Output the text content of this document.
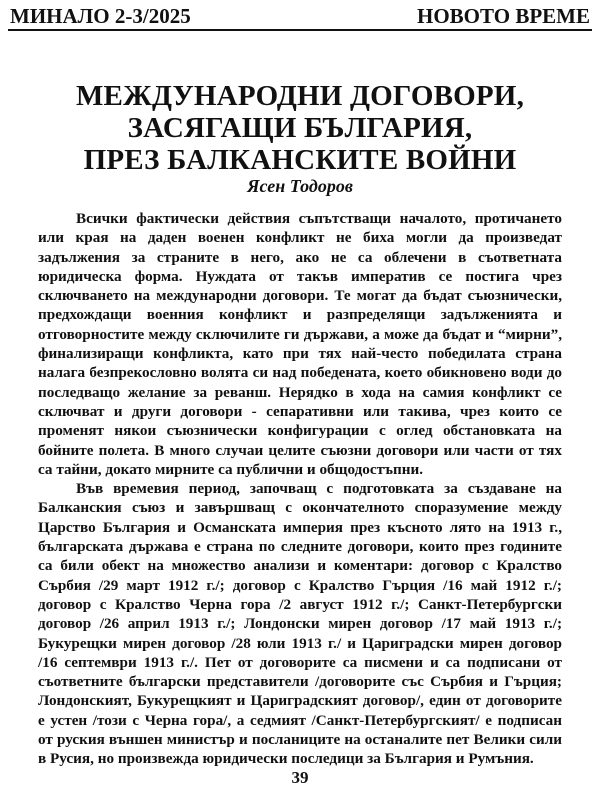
МИНАЛО 2-3/2025	НОВОТО ВРЕМЕ
МЕЖДУНАРОДНИ ДОГОВОРИ,
ЗАСЯГАЩИ БЪЛГАРИЯ,
ПРЕЗ БАЛКАНСКИТЕ ВОЙНИ
Ясен Тодоров

Всички фактически действия съпътстващи началото, протичането или края на даден военен конфликт не биха могли да произведат задължения за страните в него, ако не са облечени в съответната юридическа форма. Нуждата от такъв императив се постига чрез сключването на международни договори. Те могат да бъдат съюзнически, предхождащи военния конфликт и разпределящи задълженията и отговорностите между сключилите ги държави, а може да бъдат и “мирни”, финализиращи конфликта, като при тях най-често победилата страна налага безпрекословно волята си над победената, което обикновено води до последващо желание за реванш. Нерядко в хода на самия конфликт се сключват и други договори - сепаративни или такива, чрез които се променят някои съюзнически конфигурации с оглед обстановката на бойните полета. В много случаи целите съюзни договори или части от тях са тайни, докато мирните са публични и общодостъпни.

Във времевия период, започващ с подготовката за създаване на Балканския съюз и завършващ с окончателното споразумение между Царство България и Османската империя през късното лято на 1913 г., българската държава е страна по следните договори, които през годините са били обект на множество анализи и коментари: договор с Кралство Сърбия /29 март 1912 г./; договор с Кралство Гърция /16 май 1912 г./; договор с Кралство Черна гора /2 август 1912 г./; Санкт-Петербургски договор /26 април 1913 г./; Лондонски мирен договор /17 май 1913 г./; Букурещки мирен договор /28 юли 1913 г./ и Цариградски мирен договор /16 септември 1913 г./. Пет от договорите са писмени и са подписани от съответните български представители /договорите със Сърбия и Гърция; Лондонският, Букурещкият и Цариградският договор/, един от договорите е устен /този с Черна гора/, а седмият /Санкт-Петербургският/ е подписан от руския външен министър и посланиците на останалите пет Велики сили в Русия, но произвежда юридически последици за България и Румъния.

39
